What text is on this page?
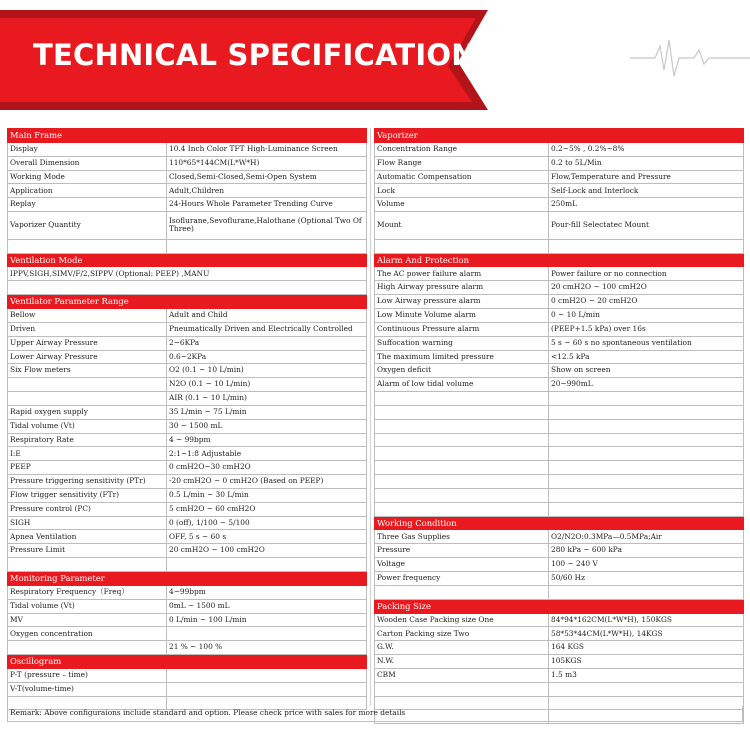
TECHNICAL SPECIFICATION
Main Frame	
Display	10.4 Inch Color TFT High-Luminance Screen
Overall Dimension	110*65*144CM(L*W*H)
Working Mode	Closed,Semi-Closed,Semi-Open System
Application	Adult,Children
Replay	24-Hours Whole Parameter Trending Curve
Vaporizer Quantity	Isoflurane,Sevoflurane,Halothane (Optional Two Of Three)

Ventilation Mode	
IPPV,SIGH,SIMV/F/2,SIPPV (Optional: PEEP) ,MANU	

Ventilator Parameter Range	
Bellow	Adult and Child
Driven	Pneumatically Driven and Electrically Controlled
Upper Airway Pressure	2~6KPa
Lower Airway Pressure	0.6~2KPa
Six Flow meters	O2 (0.1 ~ 10 L/min)
	N2O (0.1 ~ 10 L/min)
	AIR (0.1 ~ 10 L/min)
Rapid oxygen supply	35 L/min ~ 75 L/min
Tidal volume (Vt)	30 ~ 1500 mL
Respiratory Rate	4 ~ 99bpm
I:E	2:1~1:8 Adjustable
PEEP	0 cmH2O~30 cmH2O
Pressure triggering sensitivity (PTr)	-20 cmH2O ~ 0 cmH2O (Based on PEEP)
Flow trigger sensitivity (FTr)	0.5 L/min ~ 30 L/min
Pressure control (PC)	5 cmH2O ~ 60 cmH2O
SIGH	0 (off), 1/100 ~ 5/100
Apnea Ventilation	OFF, 5 s ~ 60 s
Pressure Limit	20 cmH2O ~ 100 cmH2O

Monitoring Parameter	
Respiratory Frequency（Freq）	4~99bpm
Tidal volume (Vt)	0mL ~ 1500 mL
MV	0 L/min ~ 100 L/min
Oxygen concentration	
	21 % ~ 100 %
Oscillogram	
P-T (pressure – time)	
V-T(volume-time)	

Vaporizer	
Concentration Range	0.2~5% , 0.2%~8%
Flow Range	0.2 to 5L/Min
Automatic Compensation	Flow,Temperature and Pressure
Lock	Self-Lock and Interlock
Volume	250mL
Mount	Pour-fill Selectatec Mount

Alarm And Protection	
The AC power failure alarm	Power failure or no connection
High Airway pressure alarm	20 cmH2O ~ 100 cmH2O
Low Airway pressure alarm	0 cmH2O ~ 20 cmH2O
Low Minute Volume alarm	0 ~ 10 L/min
Continuous Pressure alarm	(PEEP+1.5 kPa) over 16s
Suffocation warning	5 s ~ 60 s no spontaneous ventilation
The maximum limited pressure	<12.5 kPa
Oxygen deficit	Show on screen
Alarm of low tidal volume	20~990mL

Working Condition	
Three Gas Supplies	O2/N2O:0.3MPa—0.5MPa;Air
Pressure	280 kPa ~ 600 kPa
Voltage	100 ~ 240 V
Power frequency	50/60 Hz

Packing Size	
Wooden Case Packing size One	84*94*162CM(L*W*H), 150KGS
Carton Packing size Two	58*53*44CM(L*W*H), 14KGS
G.W.	164 KGS
N.W.	105KGS
CBM	1.5 m3

Remark: Above configuraions include standard and option. Please check price with sales for more details
